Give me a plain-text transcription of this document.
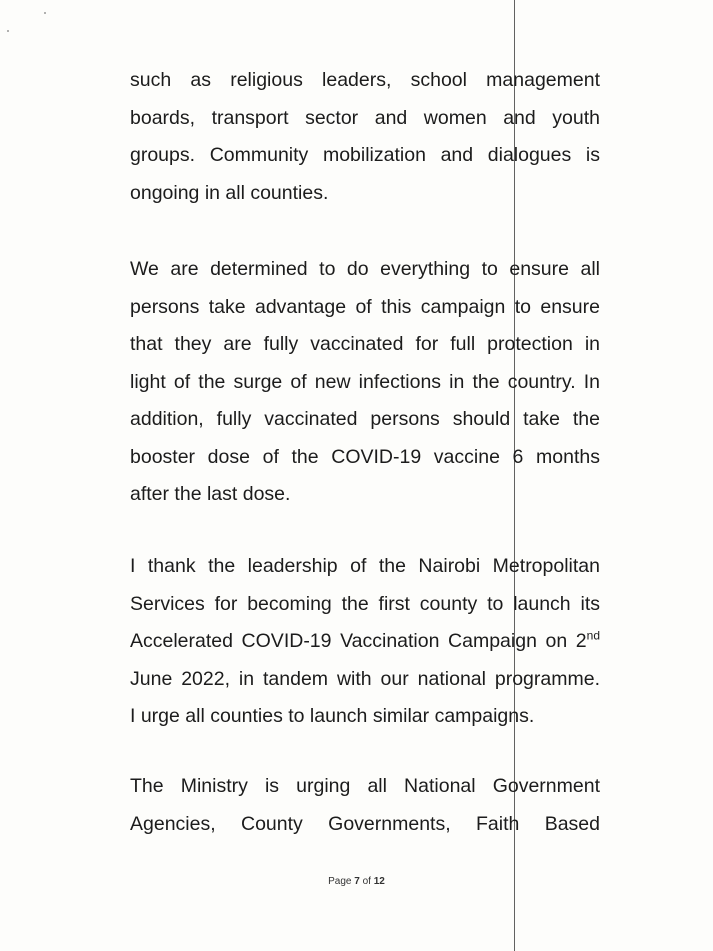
such as religious leaders, school management
boards, transport sector and women and youth
groups. Community mobilization and dialogues is
ongoing in all counties.

We are determined to do everything to ensure all
persons take advantage of this campaign to ensure
that they are fully vaccinated for full protection in
light of the surge of new infections in the country. In
addition, fully vaccinated persons should take the
booster dose of the COVID-19 vaccine 6 months
after the last dose.

I thank the leadership of the Nairobi Metropolitan
Services for becoming the first county to launch its
Accelerated COVID-19 Vaccination Campaign on 2nd
June 2022, in tandem with our national programme.
I urge all counties to launch similar campaigns.

The Ministry is urging all National Government
Agencies, County Governments, Faith Based

Page 7 of 12
